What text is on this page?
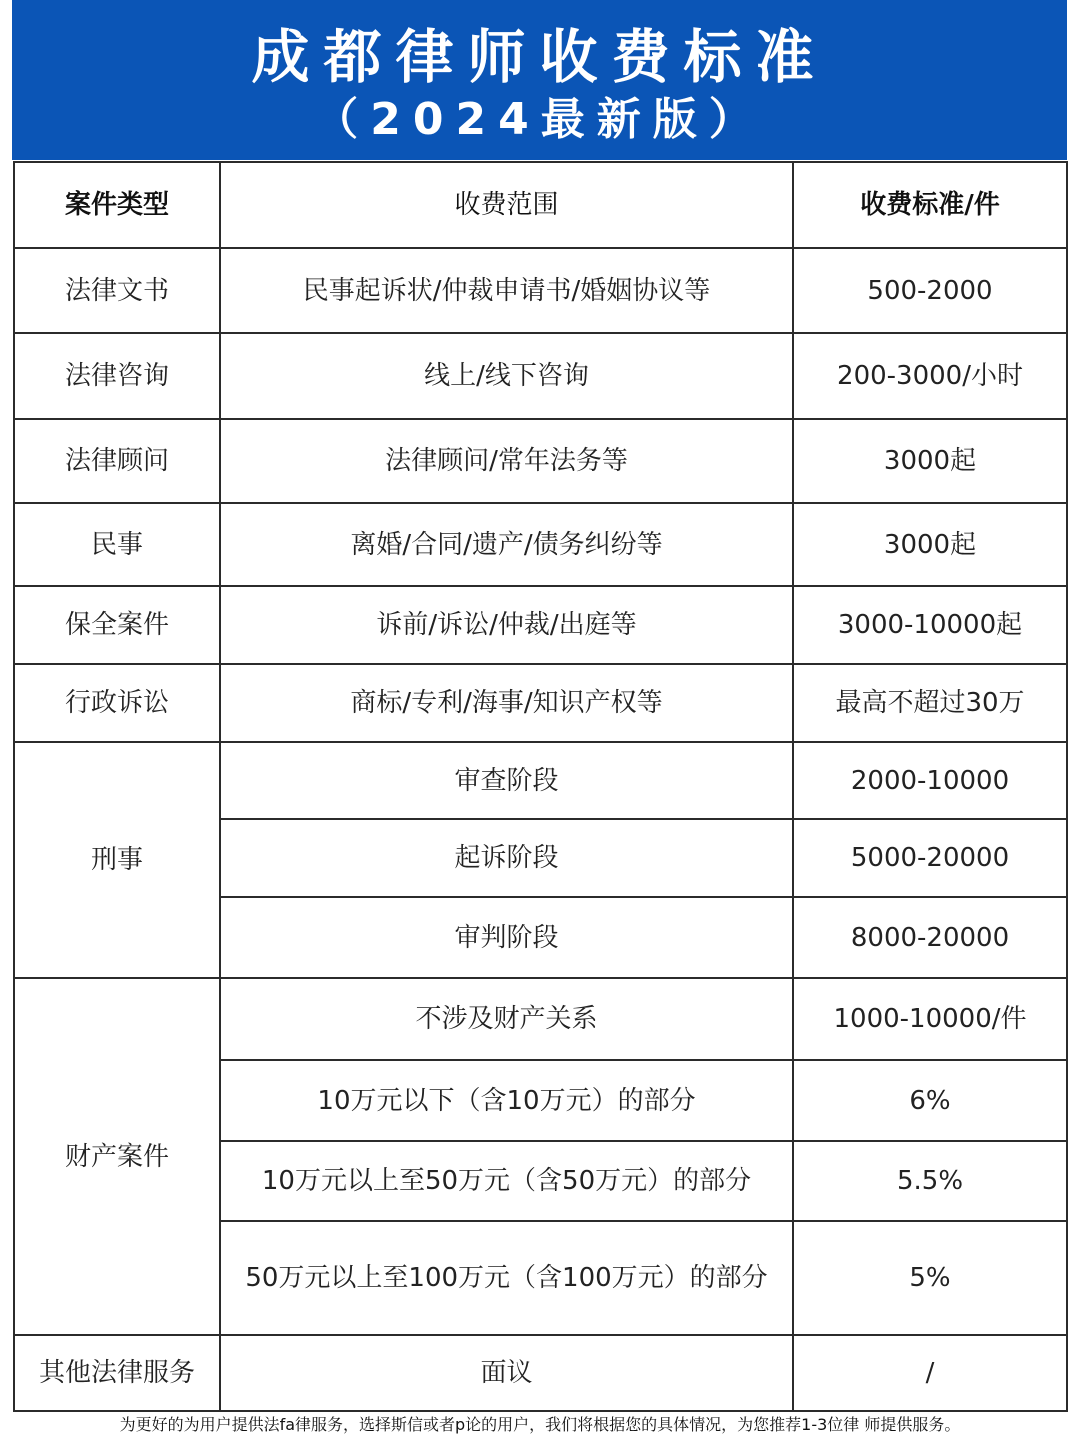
成都律师收费标准
（2024最新版）
案件类型	收费范围	收费标准/件
法律文书	民事起诉状/仲裁申请书/婚姻协议等	500-2000
法律咨询	线上/线下咨询	200-3000/小时
法律顾问	法律顾问/常年法务等	3000起
民事	离婚/合同/遗产/债务纠纷等	3000起
保全案件	诉前/诉讼/仲裁/出庭等	3000-10000起
行政诉讼	商标/专利/海事/知识产权等	最高不超过30万
刑事	审查阶段	2000-10000
	起诉阶段	5000-20000
	审判阶段	8000-20000
财产案件	不涉及财产关系	1000-10000/件
	10万元以下（含10万元）的部分	6%
	10万元以上至50万元（含50万元）的部分	5.5%
	50万元以上至100万元（含100万元）的部分	5%
其他法律服务	面议	/
为更好的为用户提供法fa律服务，选择斯信或者p论的用户，我们将根据您的具体情况，为您推荐1-3位律 师提供服务。
